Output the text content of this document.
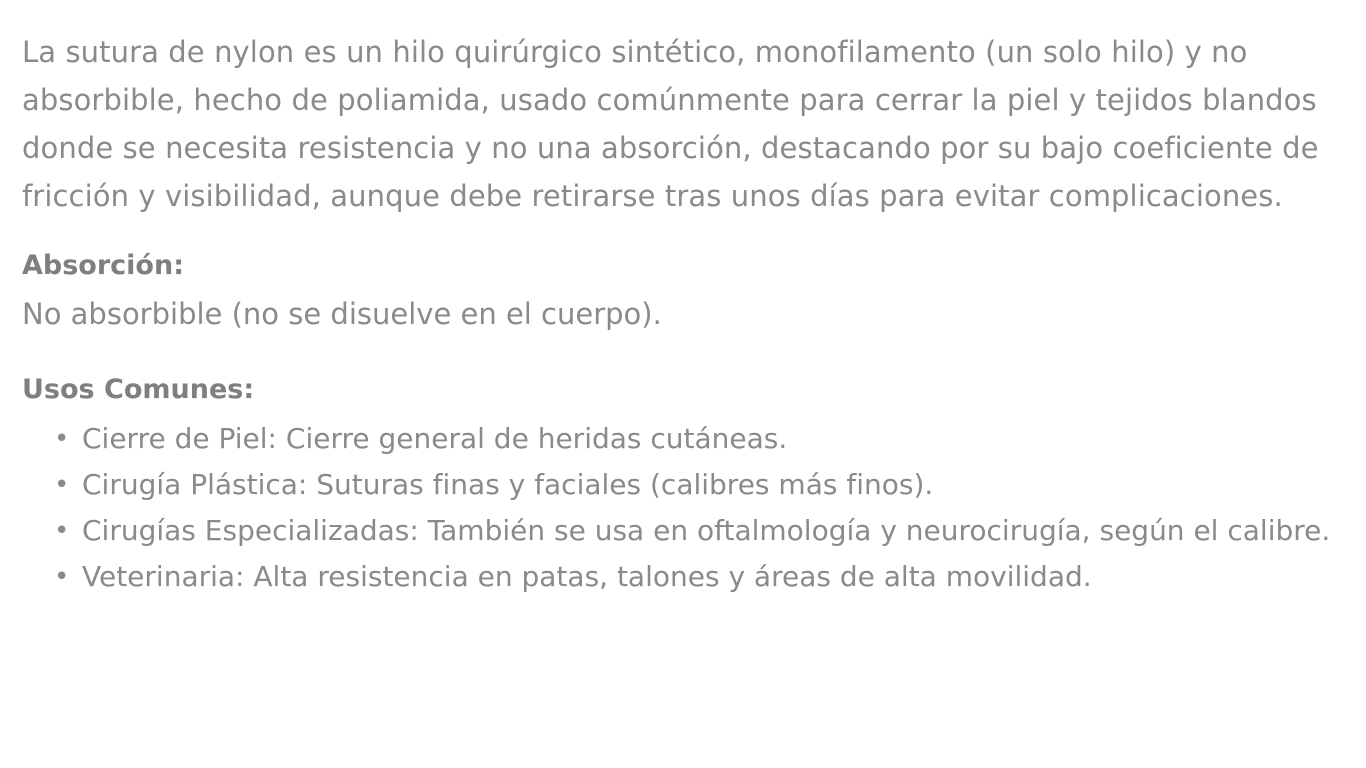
La sutura de nylon es un hilo quirúrgico sintético, monofilamento (un solo hilo) y no absorbible, hecho de poliamida, usado comúnmente para cerrar la piel y tejidos blandos donde se necesita resistencia y no una absorción, destacando por su bajo coeficiente de fricción y visibilidad, aunque debe retirarse tras unos días para evitar complicaciones.

Absorción:

No absorbible (no se disuelve en el cuerpo).

Usos Comunes:
• Cierre de Piel: Cierre general de heridas cutáneas.
• Cirugía Plástica: Suturas finas y faciales (calibres más finos).
• Cirugías Especializadas: También se usa en oftalmología y neurocirugía, según el calibre.
• Veterinaria: Alta resistencia en patas, talones y áreas de alta movilidad.
